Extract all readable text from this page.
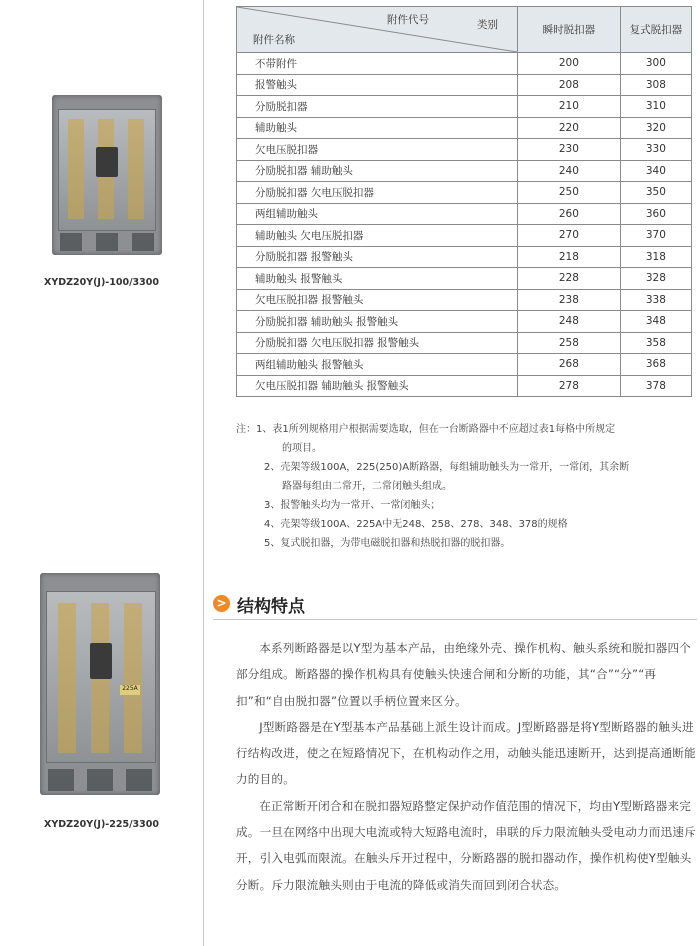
XYDZ20Y(J)-100/3300
225A
XYDZ20Y(J)-225/3300
附件代号 类别
附件名称	瞬时脱扣器	复式脱扣器
不带附件	200	300
报警触头	208	308
分励脱扣器	210	310
辅助触头	220	320
欠电压脱扣器	230	330
分励脱扣器 辅助触头	240	340
分励脱扣器 欠电压脱扣器	250	350
两组辅助触头	260	360
辅助触头 欠电压脱扣器	270	370
分励脱扣器 报警触头	218	318
辅助触头 报警触头	228	328
欠电压脱扣器 报警触头	238	338
分励脱扣器 辅助触头 报警触头	248	348
分励脱扣器 欠电压脱扣器 报警触头	258	358
两组辅助触头 报警触头	268	368
欠电压脱扣器 辅助触头 报警触头	278	378
注：1、表1所列规格用户根据需要选取，但在一台断路器中不应超过表1每格中所规定
的项目。
2、壳架等级100A，225(250)A断路器，每组辅助触头为一常开，一常闭，其余断
路器每组由二常开，二常闭触头组成。
3、报警触头均为一常开、一常闭触头；
4、壳架等级100A、225A中无248、258、278、348、378的规格
5、复式脱扣器，为带电磁脱扣器和热脱扣器的脱扣器。
> 结构特点

本系列断路器是以Y型为基本产品，由绝缘外壳、操作机构、触头系统和脱扣器四个部分组成。断路器的操作机构具有使触头快速合闸和分断的功能，其“合”“分”“再扣”和“自由脱扣器”位置以手柄位置来区分。

J型断路器是在Y型基本产品基础上派生设计而成。J型断路器是将Y型断路器的触头进行结构改进，使之在短路情况下，在机构动作之用，动触头能迅速断开，达到提高通断能力的目的。

在正常断开闭合和在脱扣器短路整定保护动作值范围的情况下，均由Y型断路器来完成。一旦在网络中出现大电流或特大短路电流时，串联的斥力限流触头受电动力而迅速斥开，引入电弧而限流。在触头斥开过程中，分断路器的脱扣器动作，操作机构使Y型触头分断。斥力限流触头则由于电流的降低或消失而回到闭合状态。
